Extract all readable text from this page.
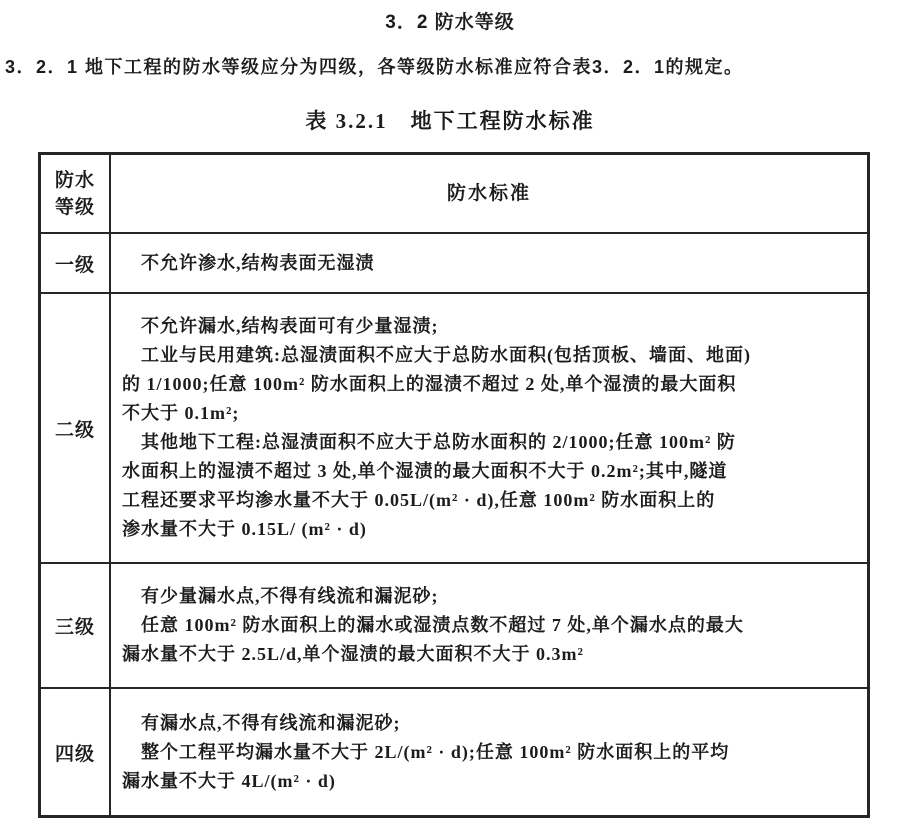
3．2 防水等级
3．2．1 地下工程的防水等级应分为四级，各等级防水标准应符合表3．2．1的规定。
表 3.2.1　地下工程防水标准
防水
等级
防水标准
一级	　不允许渗水,结构表面无湿渍
二级
　不允许漏水,结构表面可有少量湿渍;
　工业与民用建筑:总湿渍面积不应大于总防水面积(包括顶板、墙面、地面)
的 1/1000;任意 100m² 防水面积上的湿渍不超过 2 处,单个湿渍的最大面积
不大于 0.1m²;
　其他地下工程:总湿渍面积不应大于总防水面积的 2/1000;任意 100m² 防
水面积上的湿渍不超过 3 处,单个湿渍的最大面积不大于 0.2m²;其中,隧道
工程还要求平均渗水量不大于 0.05L/(m² · d),任意 100m² 防水面积上的
渗水量不大于 0.15L/ (m² · d)
三级
　有少量漏水点,不得有线流和漏泥砂;
　任意 100m² 防水面积上的漏水或湿渍点数不超过 7 处,单个漏水点的最大
漏水量不大于 2.5L/d,单个湿渍的最大面积不大于 0.3m²
四级
　有漏水点,不得有线流和漏泥砂;
　整个工程平均漏水量不大于 2L/(m² · d);任意 100m² 防水面积上的平均
漏水量不大于 4L/(m² · d)
